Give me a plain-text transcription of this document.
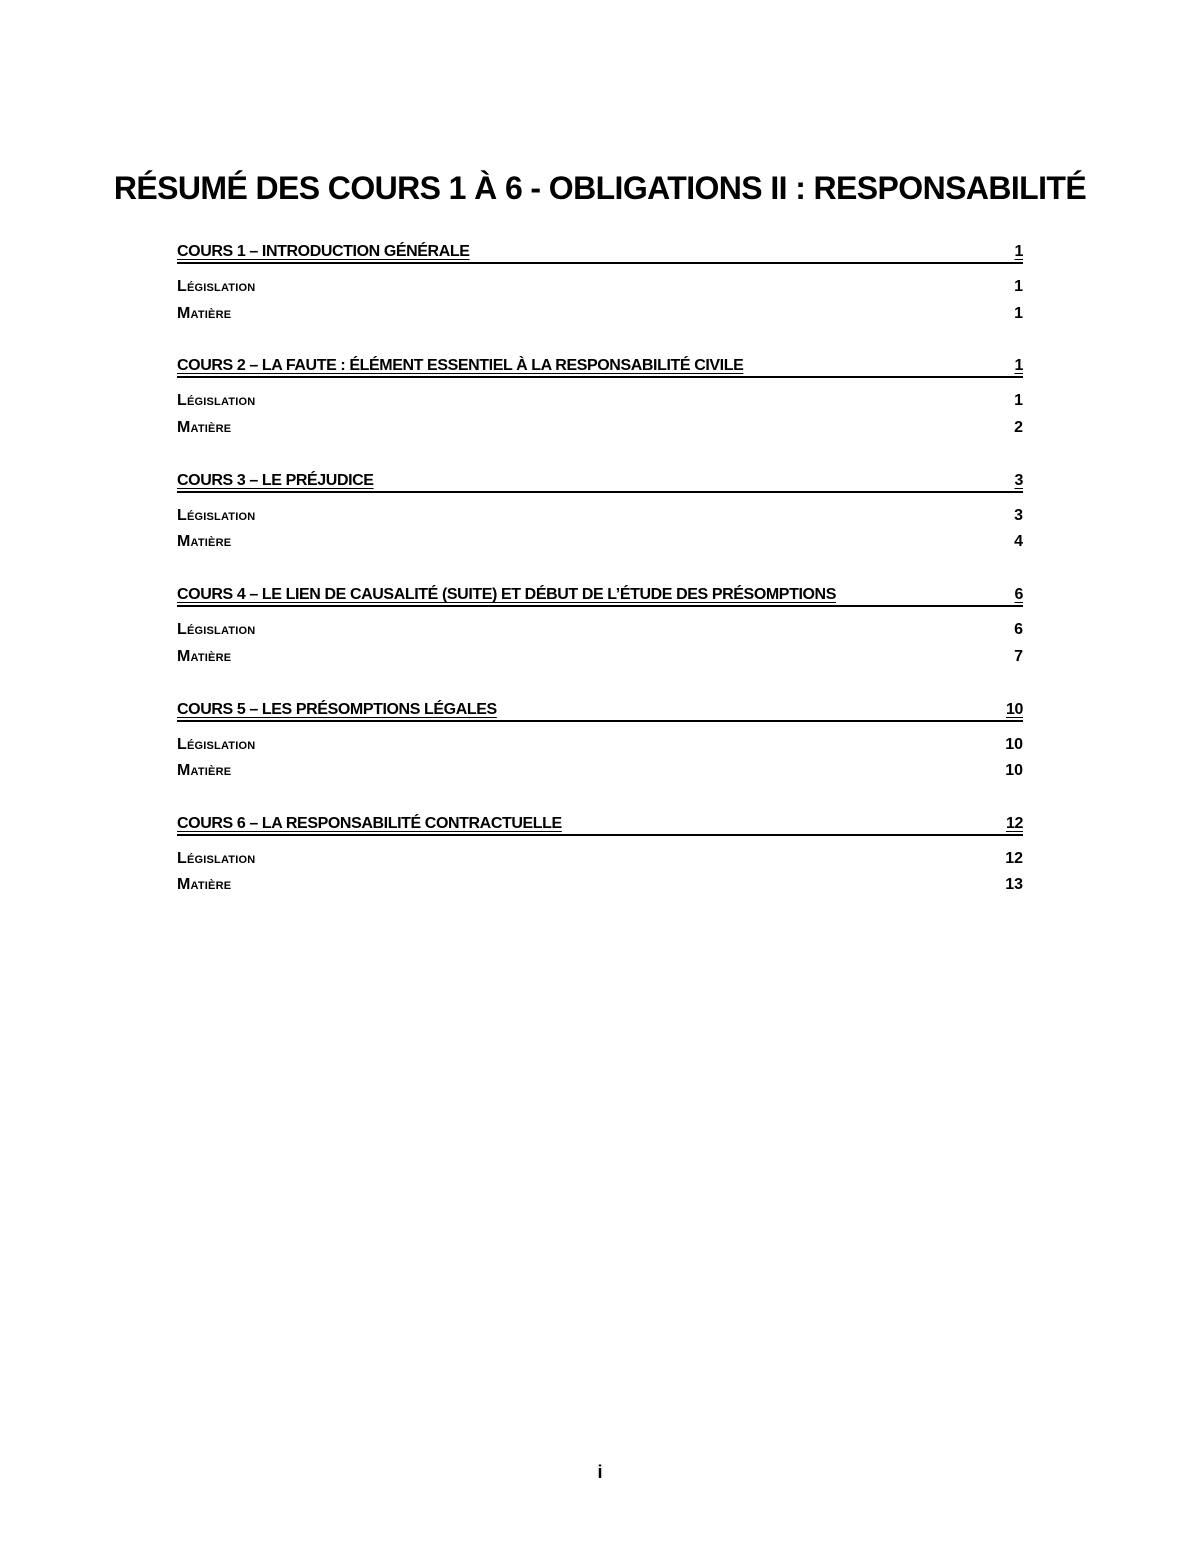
RÉSUMÉ DES COURS 1 À 6 - OBLIGATIONS II : RESPONSABILITÉ
COURS 1 – INTRODUCTION GÉNÉRALE	1
Législation	1
Matière	1
COURS 2 – LA FAUTE : ÉLÉMENT ESSENTIEL À LA RESPONSABILITÉ CIVILE	1
Législation	1
Matière	2
COURS 3 – LE PRÉJUDICE	3
Législation	3
Matière	4
COURS 4 – LE LIEN DE CAUSALITÉ (SUITE) ET DÉBUT DE L’ÉTUDE DES PRÉSOMPTIONS	6
Législation	6
Matière	7
COURS 5 – LES PRÉSOMPTIONS LÉGALES	10
Législation	10
Matière	10
COURS 6 – LA RESPONSABILITÉ CONTRACTUELLE	12
Législation	12
Matière	13
i
